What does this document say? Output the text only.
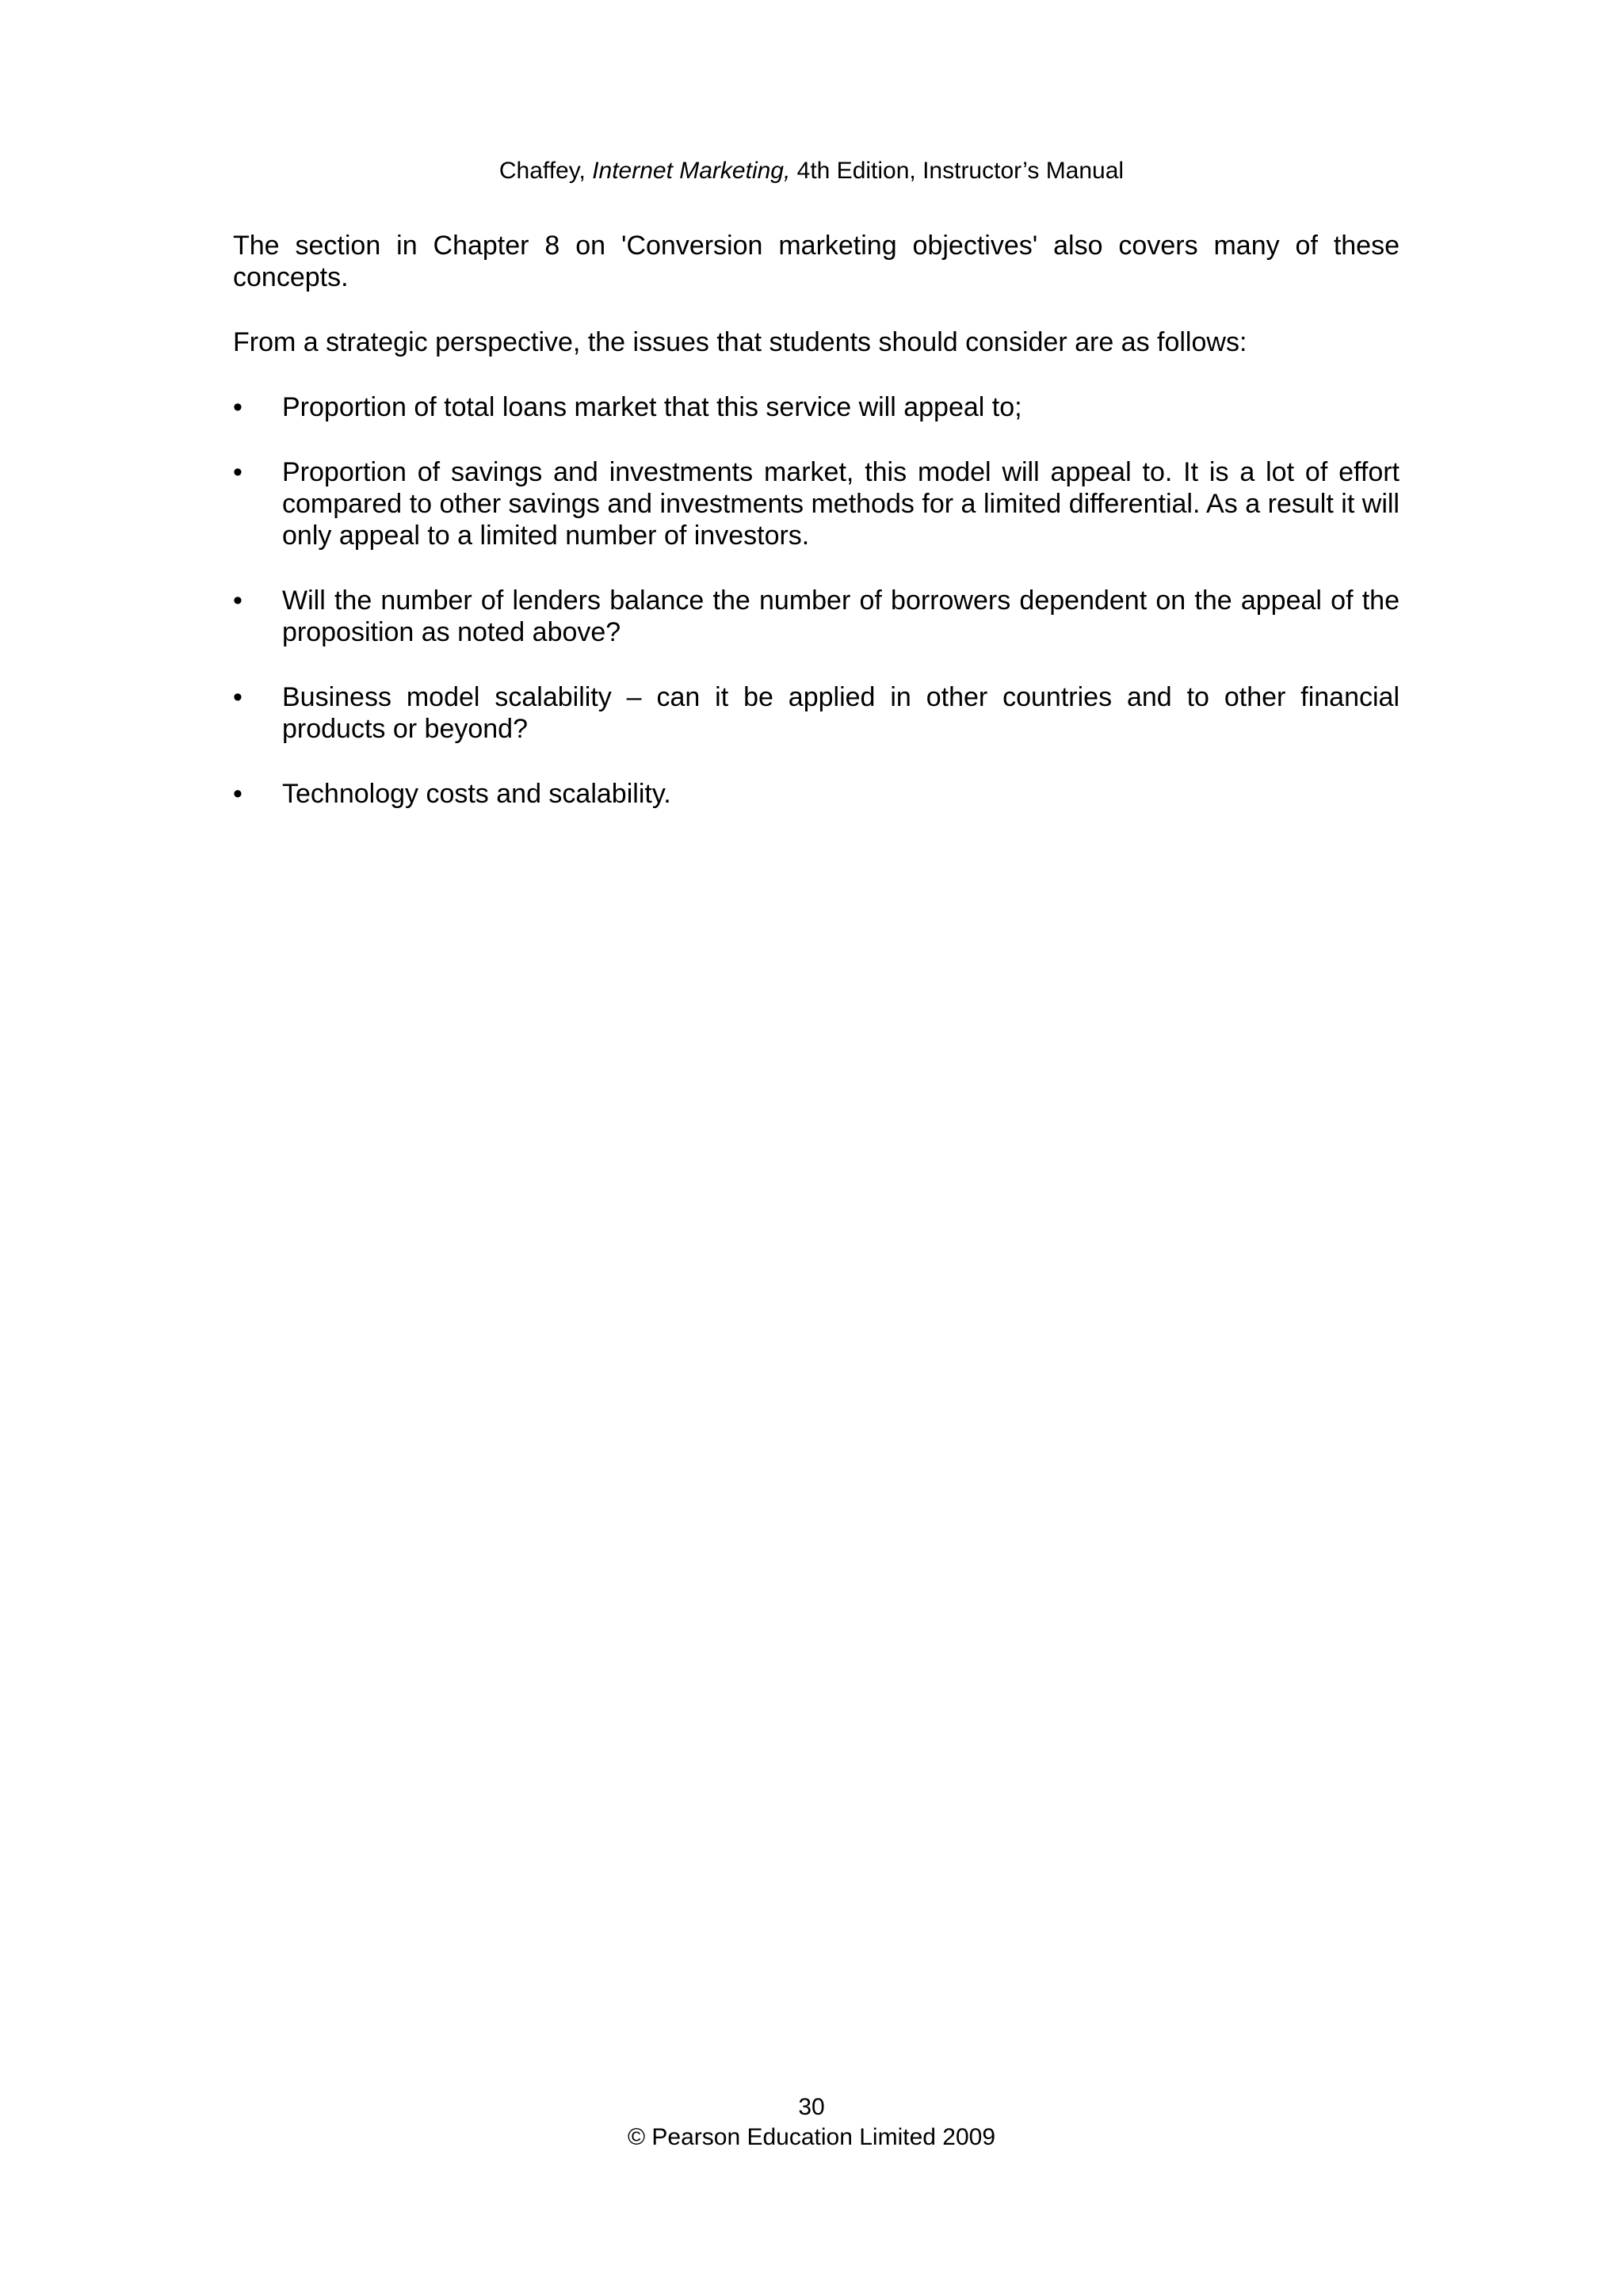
Chaffey, Internet Marketing, 4th Edition, Instructor’s Manual

The section in Chapter 8 on 'Conversion marketing objectives' also covers many of these concepts.

From a strategic perspective, the issues that students should consider are as follows:

•	Proportion of total loans market that this service will appeal to;
•	Proportion of savings and investments market, this model will appeal to. It is a lot of effort compared to other savings and investments methods for a limited differential. As a result it will only appeal to a limited number of investors.
•	Will the number of lenders balance the number of borrowers dependent on the appeal of the proposition as noted above?
•	Business model scalability – can it be applied in other countries and to other financial products or beyond?
•	Technology costs and scalability.
30
© Pearson Education Limited 2009
